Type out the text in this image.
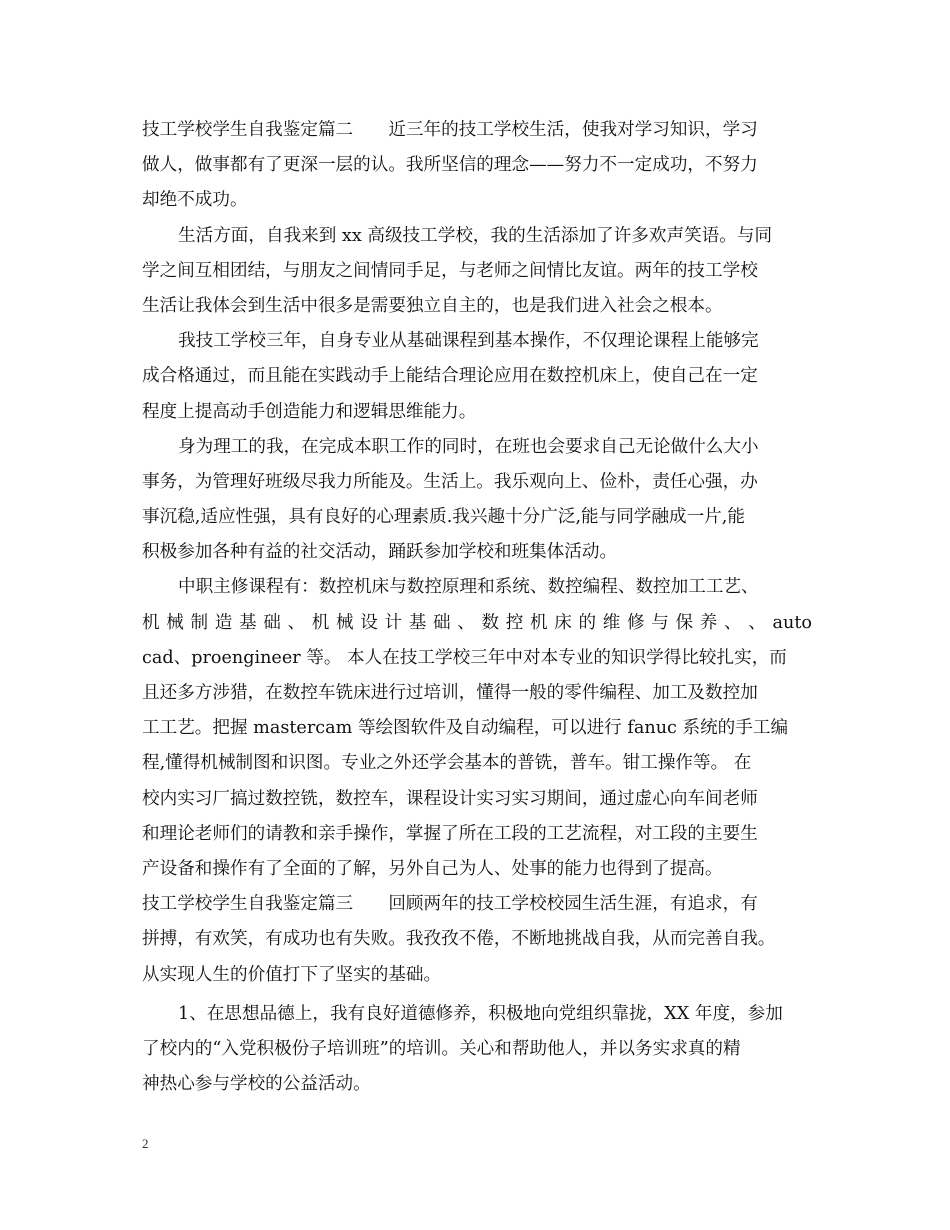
技工学校学生自我鉴定篇二　　近三年的技工学校生活，使我对学习知识，学习
做人，做事都有了更深一层的认。我所坚信的理念——努力不一定成功，不努力
却绝不成功。
生活方面，自我来到 xx 高级技工学校，我的生活添加了许多欢声笑语。与同
学之间互相团结，与朋友之间情同手足，与老师之间情比友谊。两年的技工学校
生活让我体会到生活中很多是需要独立自主的，也是我们进入社会之根本。
我技工学校三年，自身专业从基础课程到基本操作，不仅理论课程上能够完
成合格通过，而且能在实践动手上能结合理论应用在数控机床上，使自己在一定
程度上提高动手创造能力和逻辑思维能力。
身为理工的我，在完成本职工作的同时，在班也会要求自己无论做什么大小
事务，为管理好班级尽我力所能及。生活上。我乐观向上、俭朴，责任心强，办
事沉稳,适应性强，具有良好的心理素质.我兴趣十分广泛,能与同学融成一片,能
积极参加各种有益的社交活动，踊跃参加学校和班集体活动。
中职主修课程有：数控机床与数控原理和系统、数控编程、数控加工工艺、
机 械 制 造 基 础 、 机 械 设 计 基 础 、 数 控 机 床 的 维 修 与 保 养 、 、 auto
cad、proengineer 等。 本人在技工学校三年中对本专业的知识学得比较扎实，而
且还多方涉猎，在数控车铣床进行过培训，懂得一般的零件编程、加工及数控加
工工艺。把握 mastercam 等绘图软件及自动编程，可以进行 fanuc 系统的手工编
程,懂得机械制图和识图。专业之外还学会基本的普铣，普车。钳工操作等。 在
校内实习厂搞过数控铣，数控车，课程设计实习实习期间，通过虚心向车间老师
和理论老师们的请教和亲手操作，掌握了所在工段的工艺流程，对工段的主要生
产设备和操作有了全面的了解，另外自己为人、处事的能力也得到了提高。
技工学校学生自我鉴定篇三　　回顾两年的技工学校校园生活生涯，有追求，有
拼搏，有欢笑，有成功也有失败。我孜孜不倦，不断地挑战自我，从而完善自我。
从实现人生的价值打下了坚实的基础。
1、在思想品德上，我有良好道德修养，积极地向党组织靠拢，XX 年度，参加
了校内的“入党积极份子培训班”的培训。关心和帮助他人，并以务实求真的精
神热心参与学校的公益活动。
2
